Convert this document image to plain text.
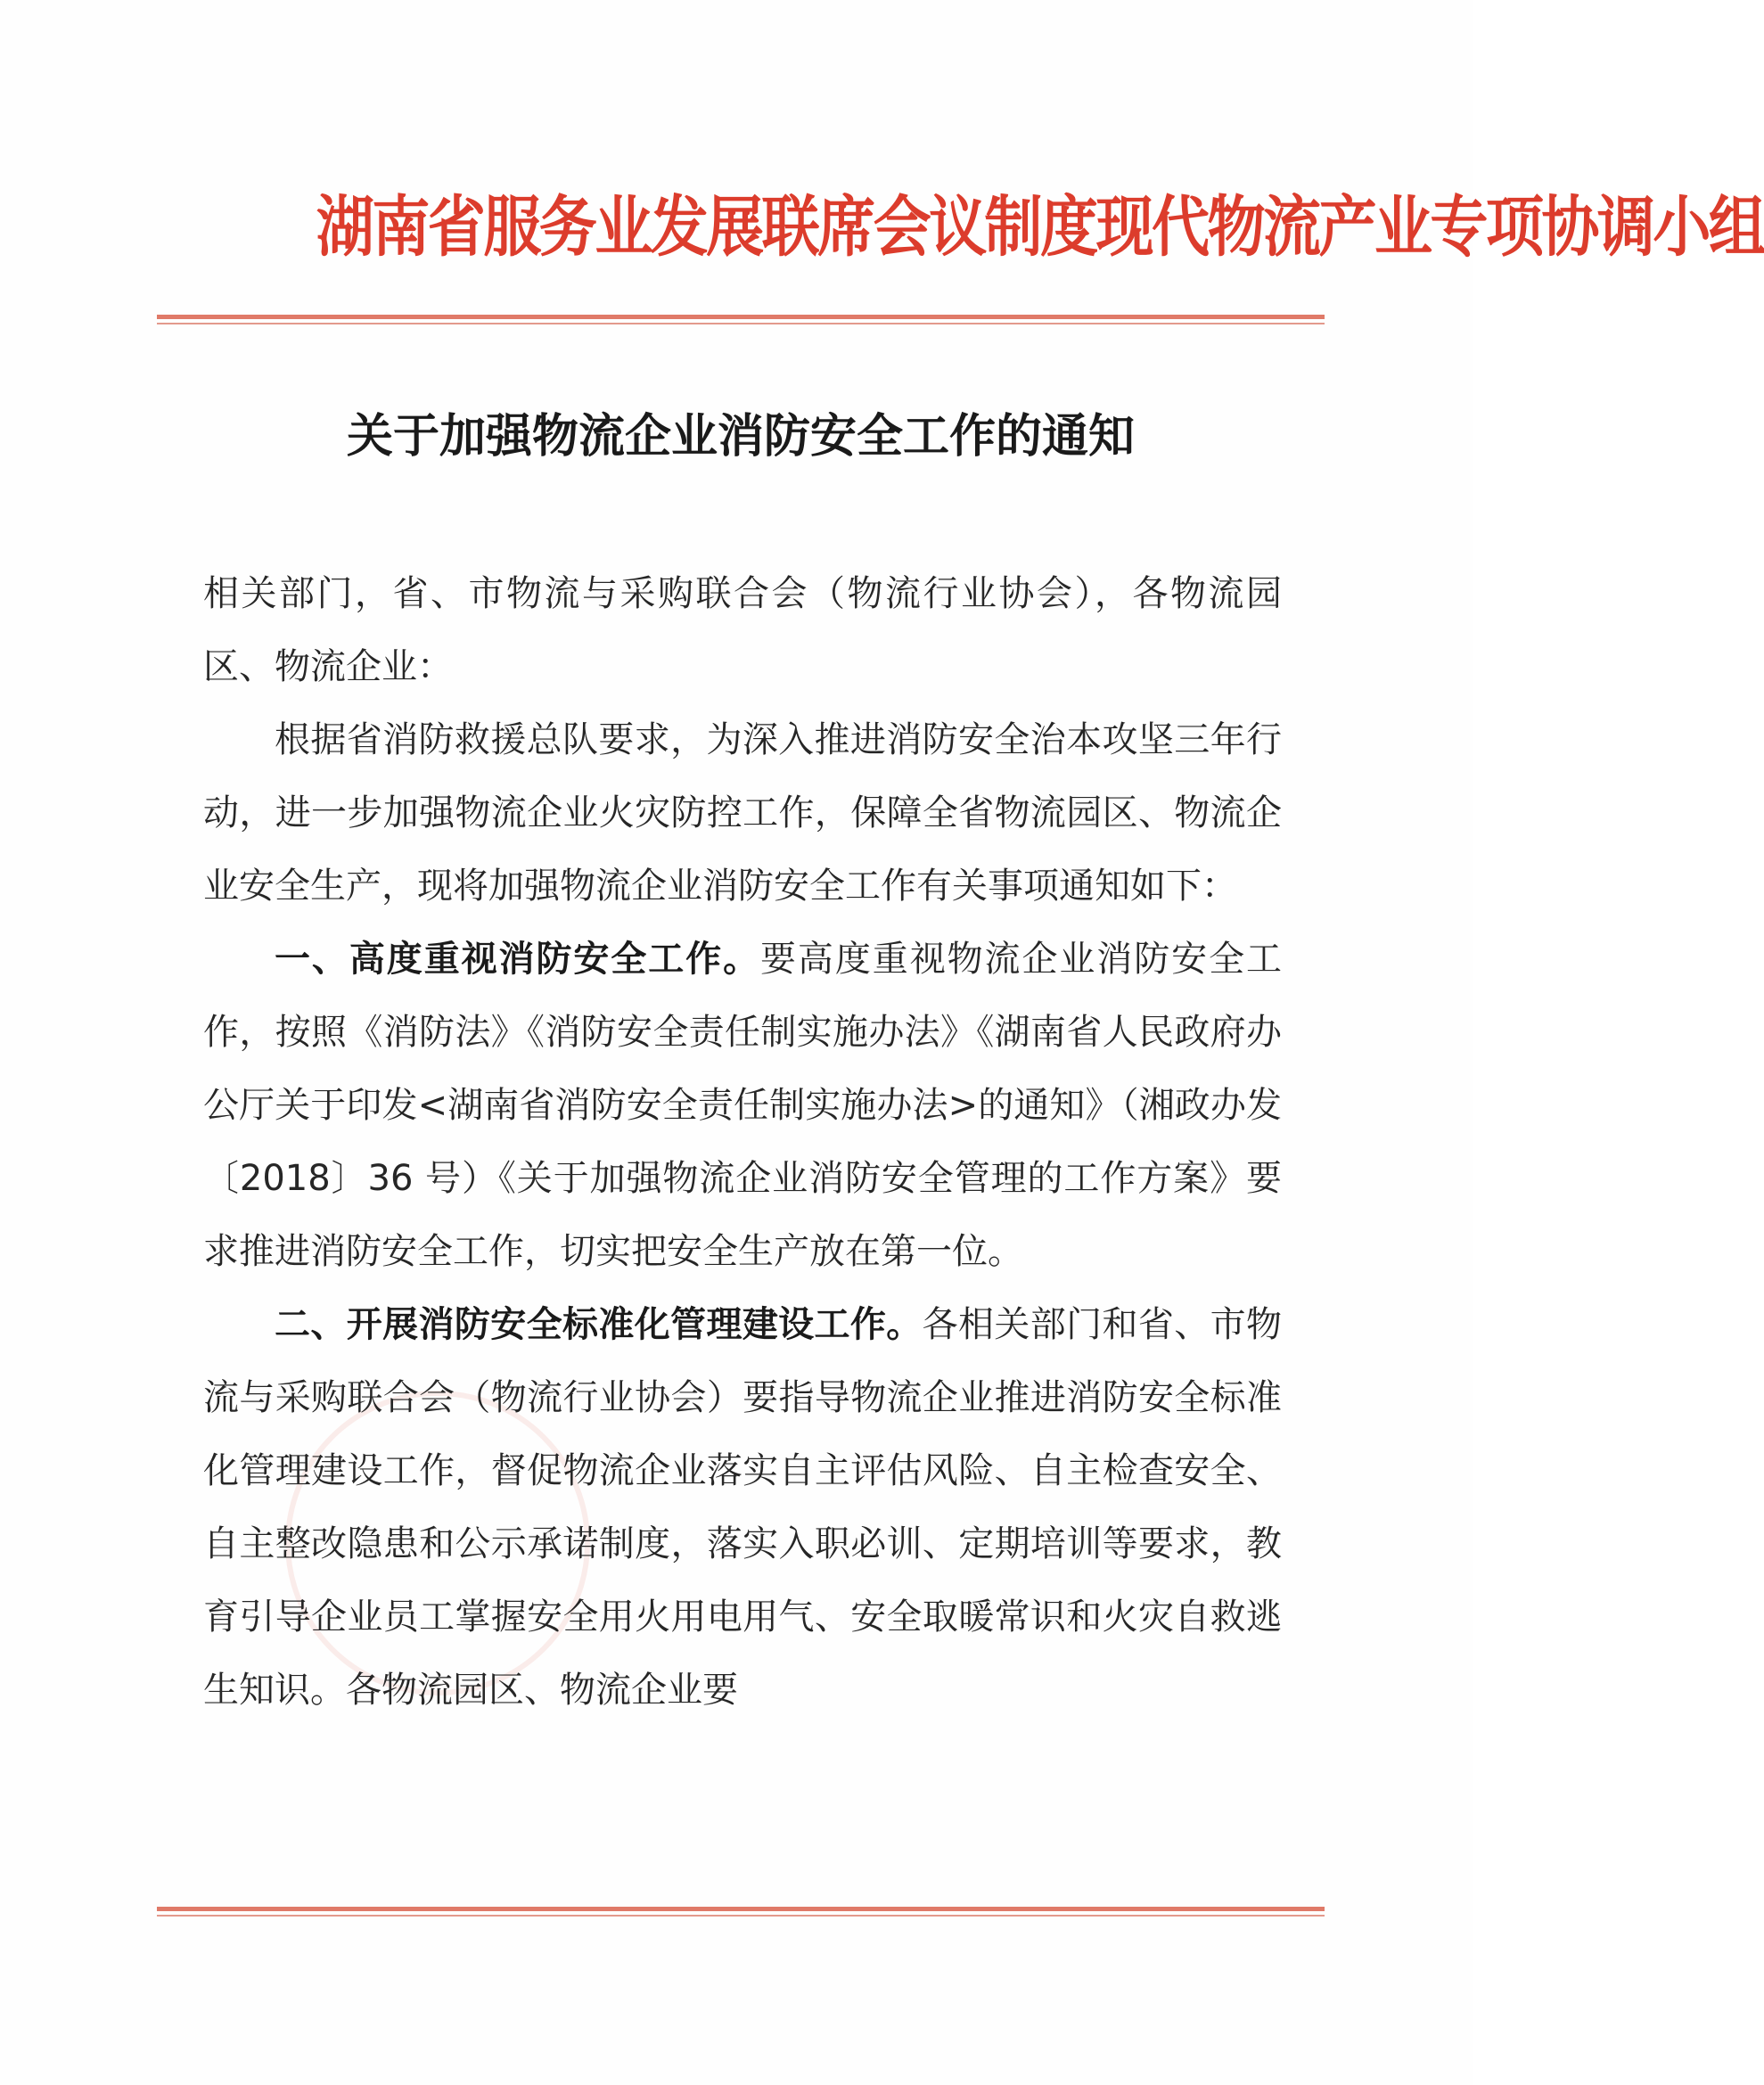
湖南省服务业发展联席会议制度现代物流产业专项协调小组
关于加强物流企业消防安全工作的通知

相关部门，省、市物流与采购联合会（物流行业协会），各物流园区、物流企业：

根据省消防救援总队要求，为深入推进消防安全治本攻坚三年行动，进一步加强物流企业火灾防控工作，保障全省物流园区、物流企业安全生产，现将加强物流企业消防安全工作有关事项通知如下：

一、高度重视消防安全工作。要高度重视物流企业消防安全工作，按照《消防法》《消防安全责任制实施办法》《湖南省人民政府办公厅关于印发<湖南省消防安全责任制实施办法>的通知》（湘政办发〔2018〕36 号）《关于加强物流企业消防安全管理的工作方案》要求推进消防安全工作，切实把安全生产放在第一位。

二、开展消防安全标准化管理建设工作。各相关部门和省、市物流与采购联合会（物流行业协会）要指导物流企业推进消防安全标准化管理建设工作，督促物流企业落实自主评估风险、自主检查安全、自主整改隐患和公示承诺制度，落实入职必训、定期培训等要求，教育引导企业员工掌握安全用火用电用气、安全取暖常识和火灾自救逃生知识。各物流园区、物流企业要
